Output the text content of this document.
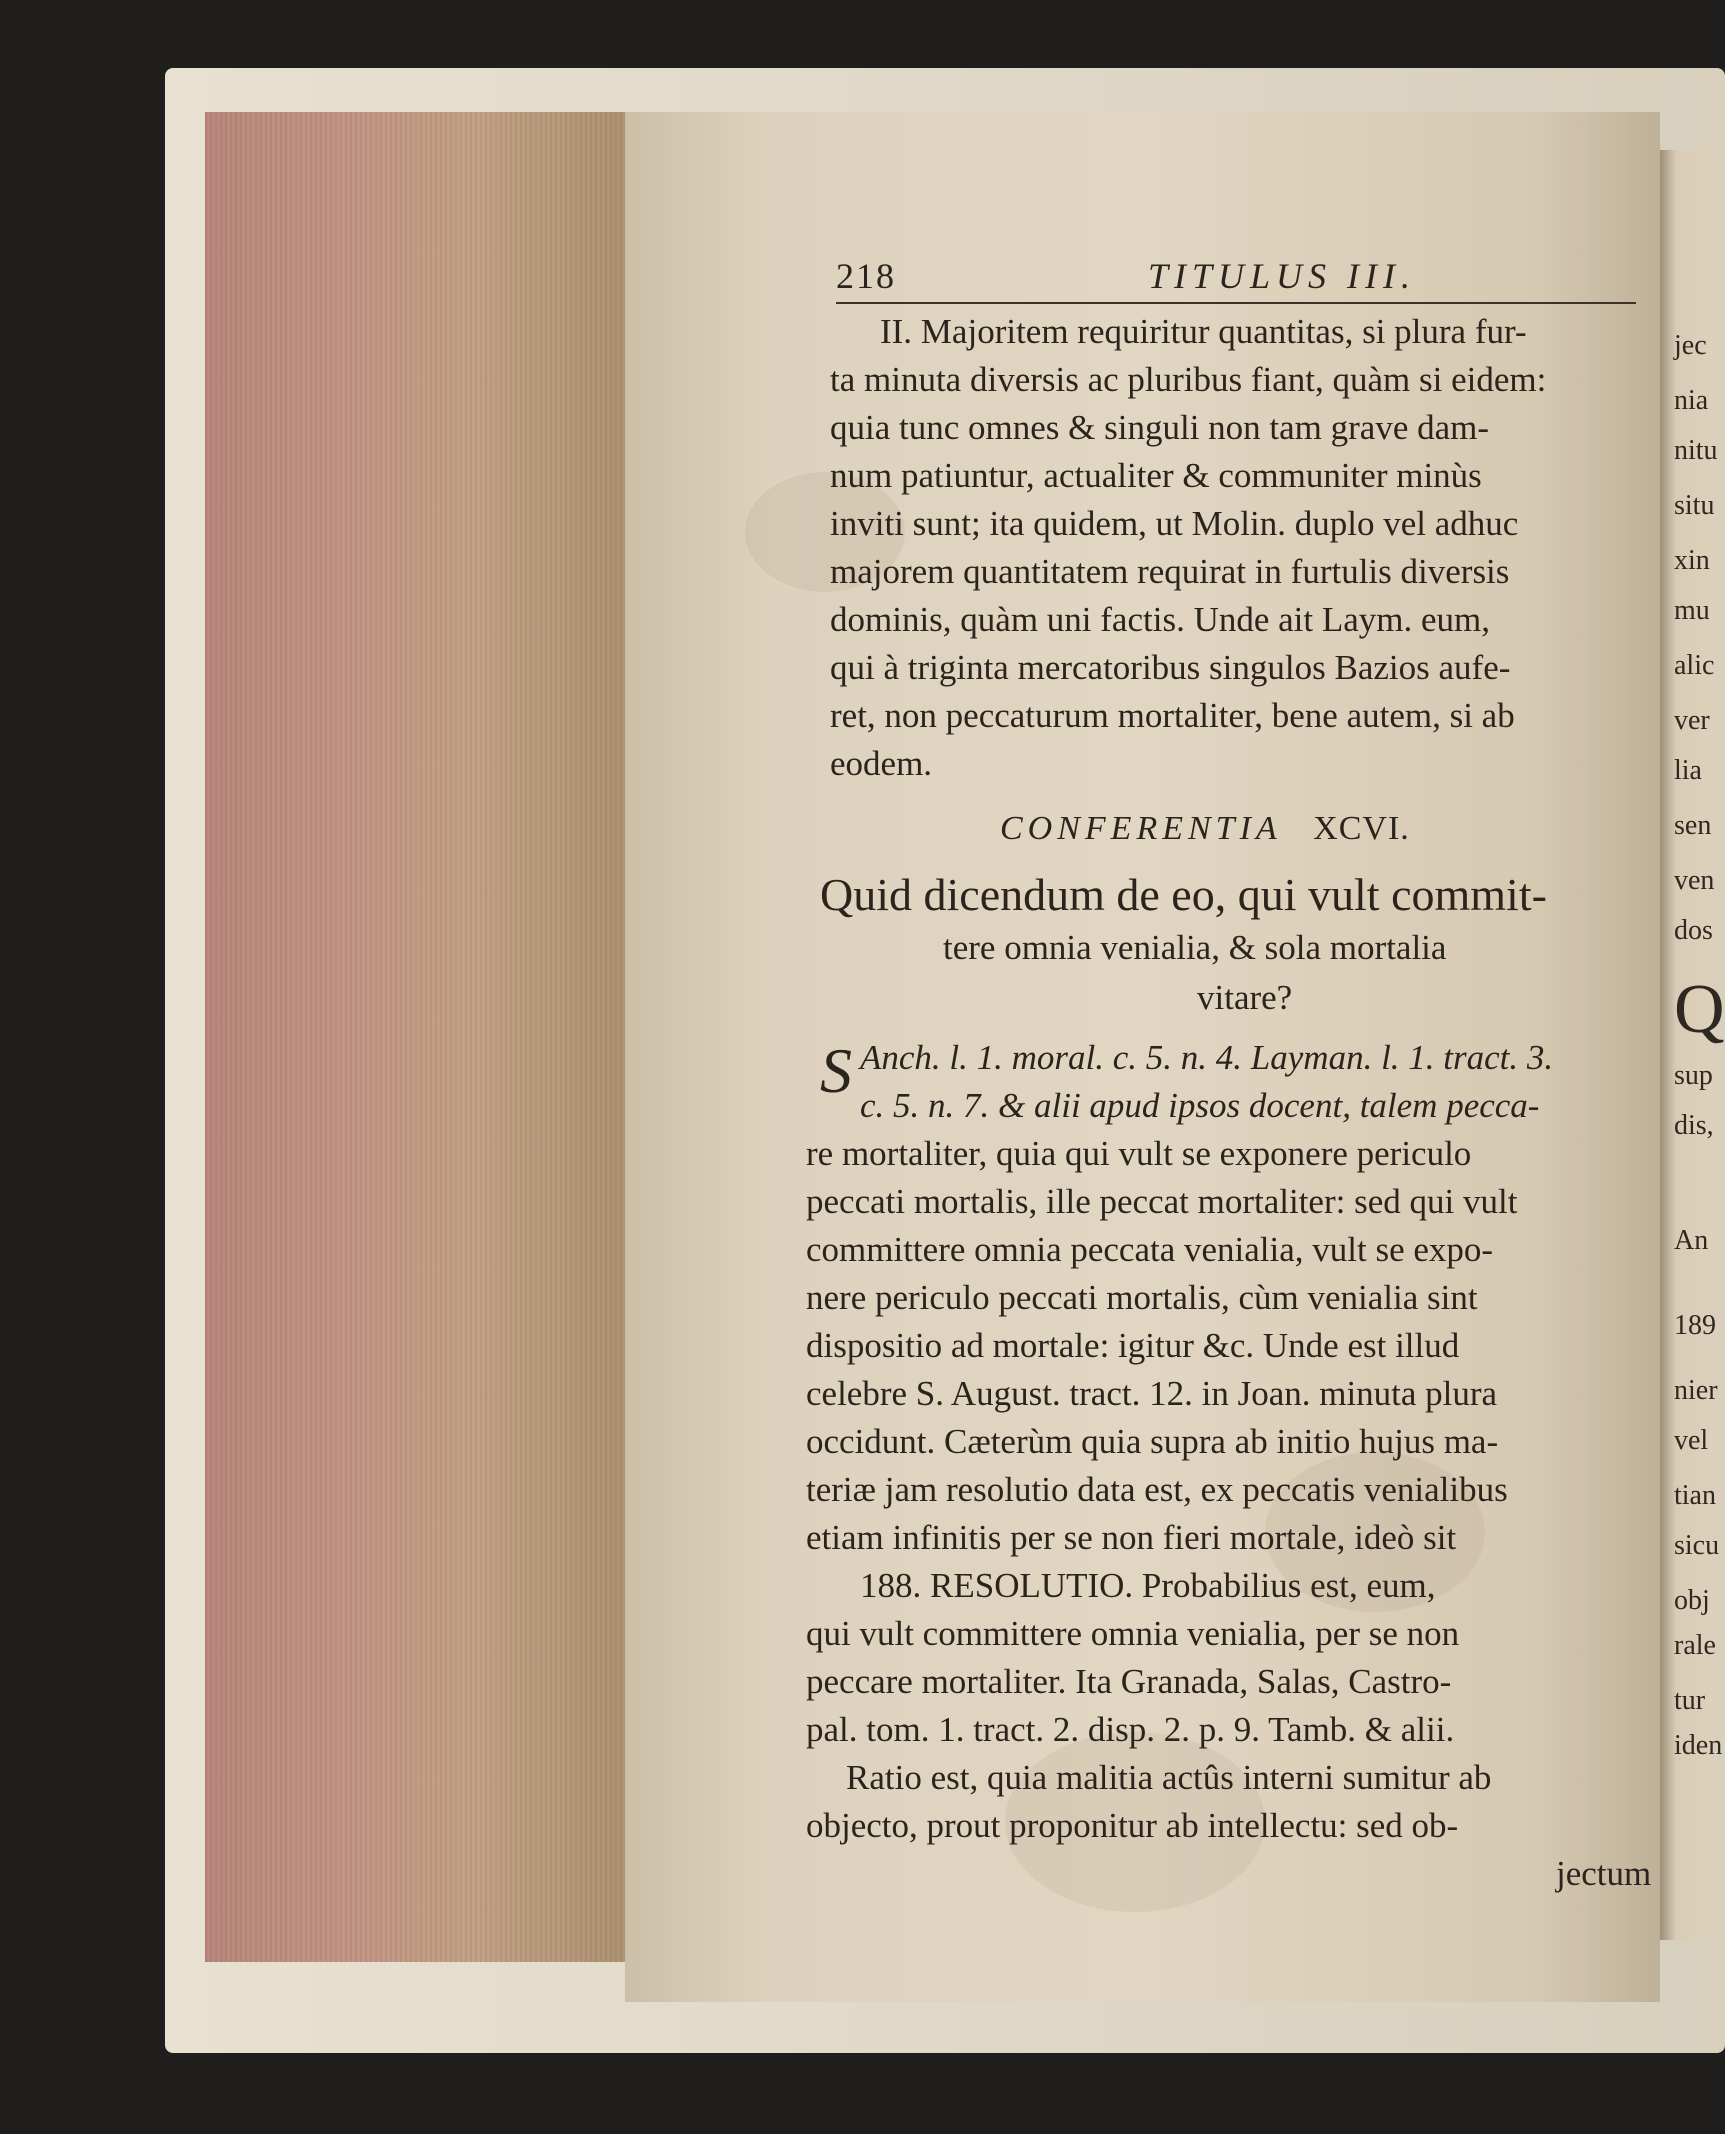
jec
nia
nitu
situ
xin
mu
alic
ver
lia
sen
ven
dos
Q
sup
dis,
An
189
nier
vel
tian
sicu
obj
rale
tur
iden
218	TITULUS III.
II. Majoritem requiritur quantitas, si plura fur-
ta minuta diversis ac pluribus fiant, quàm si eidem:
quia tunc omnes & singuli non tam grave dam-
num patiuntur, actualiter & communiter minùs
inviti sunt; ita quidem, ut Molin. duplo vel adhuc
majorem quantitatem requirat in furtulis diversis
dominis, quàm uni factis. Unde ait Laym. eum,
qui à triginta mercatoribus singulos Bazios aufe-
ret, non peccaturum mortaliter, bene autem, si ab
eodem.
CONFERENTIA XCVI.
Quid dicendum de eo, qui vult commit-
tere omnia venialia, & sola mortalia
vitare?
S Anch. l. 1. moral. c. 5. n. 4. Layman. l. 1. tract. 3.
c. 5. n. 7. & alii apud ipsos docent, talem pecca-
re mortaliter, quia qui vult se exponere periculo
peccati mortalis, ille peccat mortaliter: sed qui vult
committere omnia peccata venialia, vult se expo-
nere periculo peccati mortalis, cùm venialia sint
dispositio ad mortale: igitur &c. Unde est illud
celebre S. August. tract. 12. in Joan. minuta plura
occidunt. Cæterùm quia supra ab initio hujus ma-
teriæ jam resolutio data est, ex peccatis venialibus
etiam infinitis per se non fieri mortale, ideò sit
188. RESOLUTIO. Probabilius est, eum,
qui vult committere omnia venialia, per se non
peccare mortaliter. Ita Granada, Salas, Castro-
pal. tom. 1. tract. 2. disp. 2. p. 9. Tamb. & alii.
Ratio est, quia malitia actûs interni sumitur ab
objecto, prout proponitur ab intellectu: sed ob-
jectum
